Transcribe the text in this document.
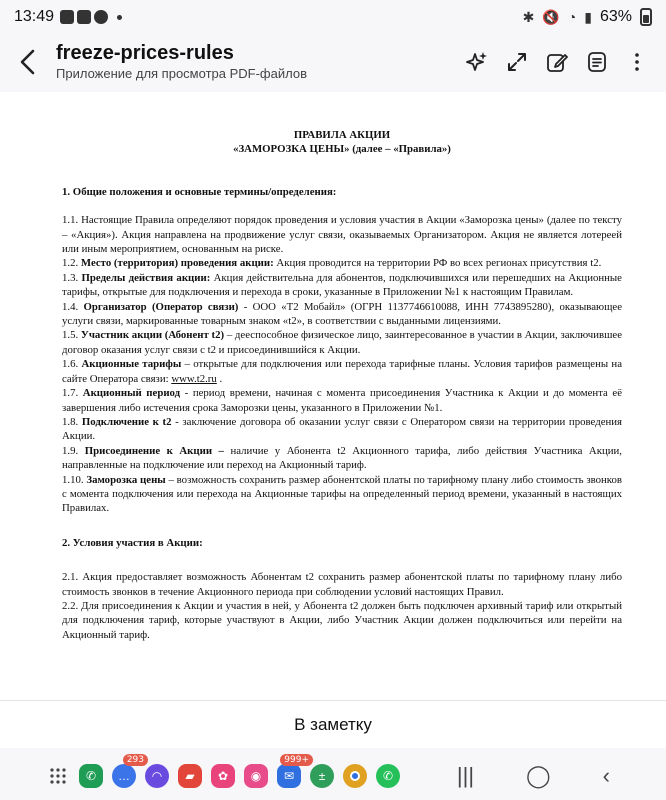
13:49	✱ 🔇 ◔ ▮ 63%
freeze-prices-rules
Приложение для просмотра PDF-файлов
ПРАВИЛА АКЦИИ
«ЗАМОРОЗКА ЦЕНЫ» (далее – «Правила»)
1. Общие положения и основные термины/определения:
1.1. Настоящие Правила определяют порядок проведения и условия участия в Акции «Заморозка цены» (далее по тексту – «Акция»). Акция направлена на продвижение услуг связи, оказываемых Организатором. Акция не является лотереей или иным мероприятием, основанным на риске.
1.2. Место (территория) проведения акции: Акция проводится на территории РФ во всех регионах присутствия t2.
1.3. Пределы действия акции: Акция действительна для абонентов, подключившихся или перешедших на Акционные тарифы, открытые для подключения и перехода в сроки, указанные в Приложении №1 к настоящим Правилам.
1.4. Организатор (Оператор связи) - ООО «Т2 Мобайл» (ОГРН 1137746610088, ИНН 7743895280), оказывающее услуги связи, маркированные товарным знаком «t2», в соответствии с выданными лицензиями.
1.5. Участник акции (Абонент t2) – дееспособное физическое лицо, заинтересованное в участии в Акции, заключившее договор оказания услуг связи с t2 и присоединившийся к Акции.
1.6. Акционные тарифы – открытые для подключения или перехода тарифные планы. Условия тарифов размещены на сайте Оператора связи: www.t2.ru .
1.7. Акционный период - период времени, начиная с момента присоединения Участника к Акции и до момента её завершения либо истечения срока Заморозки цены, указанного в Приложении №1.
1.8. Подключение к t2 - заключение договора об оказании услуг связи с Оператором связи на территории проведения Акции.
1.9. Присоединение к Акции – наличие у Абонента t2 Акционного тарифа, либо действия Участника Акции, направленные на подключение или переход на Акционный тариф.
1.10. Заморозка цены – возможность сохранить размер абонентской платы по тарифному плану либо стоимость звонков с момента подключения или перехода на Акционные тарифы на определенный период времени, указанный в настоящих Правилах.
2. Условия участия в Акции:
2.1. Акция предоставляет возможность Абонентам t2 сохранить размер абонентской платы по тарифному плану либо стоимость звонков в течение Акционного периода при соблюдении условий настоящих Правил.
2.2. Для присоединения к Акции и участия в ней, у Абонента t2 должен быть подключен архивный тариф или открытый для подключения тариф, которые участвуют в Акции, либо Участник Акции должен подключиться или перейти на Акционный тариф.
В заметку
✆	…
293
◠	▰	✿	◉	✉
999+
±	✆	||| ◯ ‹
